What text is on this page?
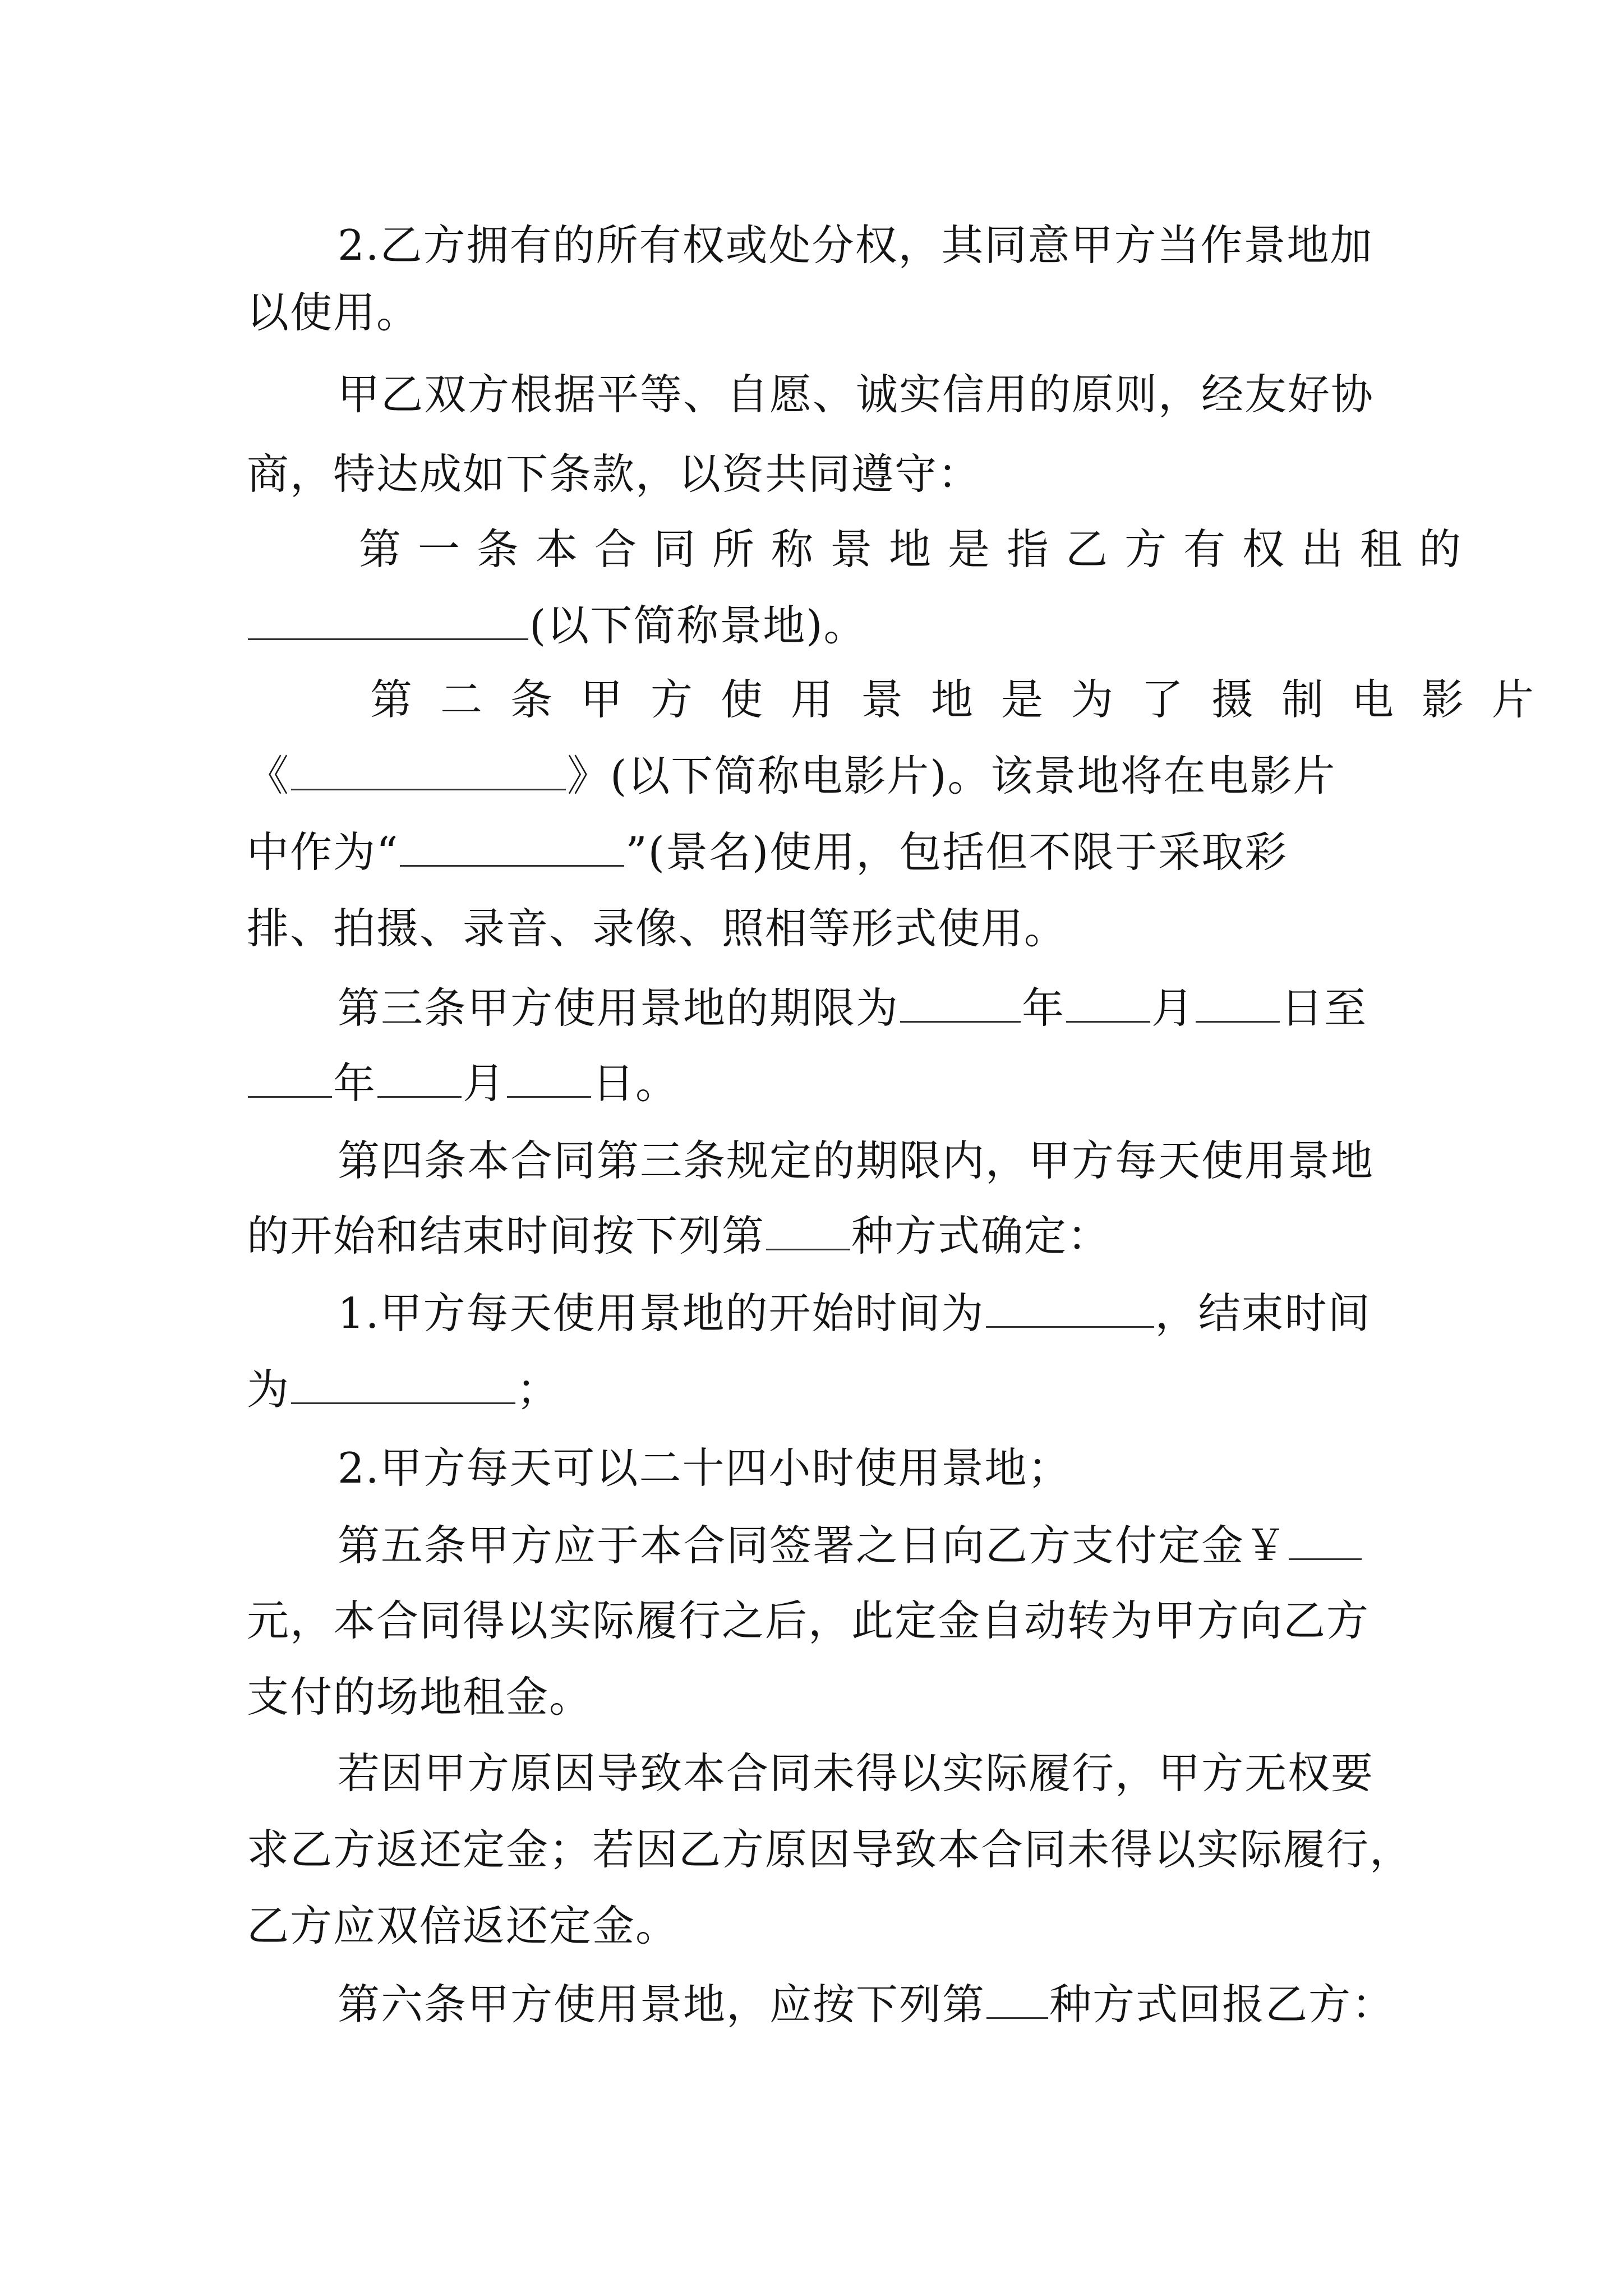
2.乙方拥有的所有权或处分权，其同意甲方当作景地加
以使用。
甲乙双方根据平等、自愿、诚实信用的原则，经友好协
商，特达成如下条款，以资共同遵守：
第一条本合同所称景地是指乙方有权出租的
(以下简称景地)。
第二条甲方使用景地是为了摄制电影片
《	》(以下简称电影片)。该景地将在电影片
中作为“	”(景名)使用，包括但不限于采取彩
排、拍摄、录音、录像、照相等形式使用。
第三条甲方使用景地的期限为	年 月 日至
年 月 日。
第四条本合同第三条规定的期限内，甲方每天使用景地
的开始和结束时间按下列第 种方式确定：
1.甲方每天使用景地的开始时间为	，结束时间
为	；
2.甲方每天可以二十四小时使用景地；
第五条甲方应于本合同签署之日向乙方支付定金￥
元，本合同得以实际履行之后，此定金自动转为甲方向乙方
支付的场地租金。
若因甲方原因导致本合同未得以实际履行，甲方无权要
求乙方返还定金；若因乙方原因导致本合同未得以实际履行，
乙方应双倍返还定金。
第六条甲方使用景地，应按下列第 种方式回报乙方：
